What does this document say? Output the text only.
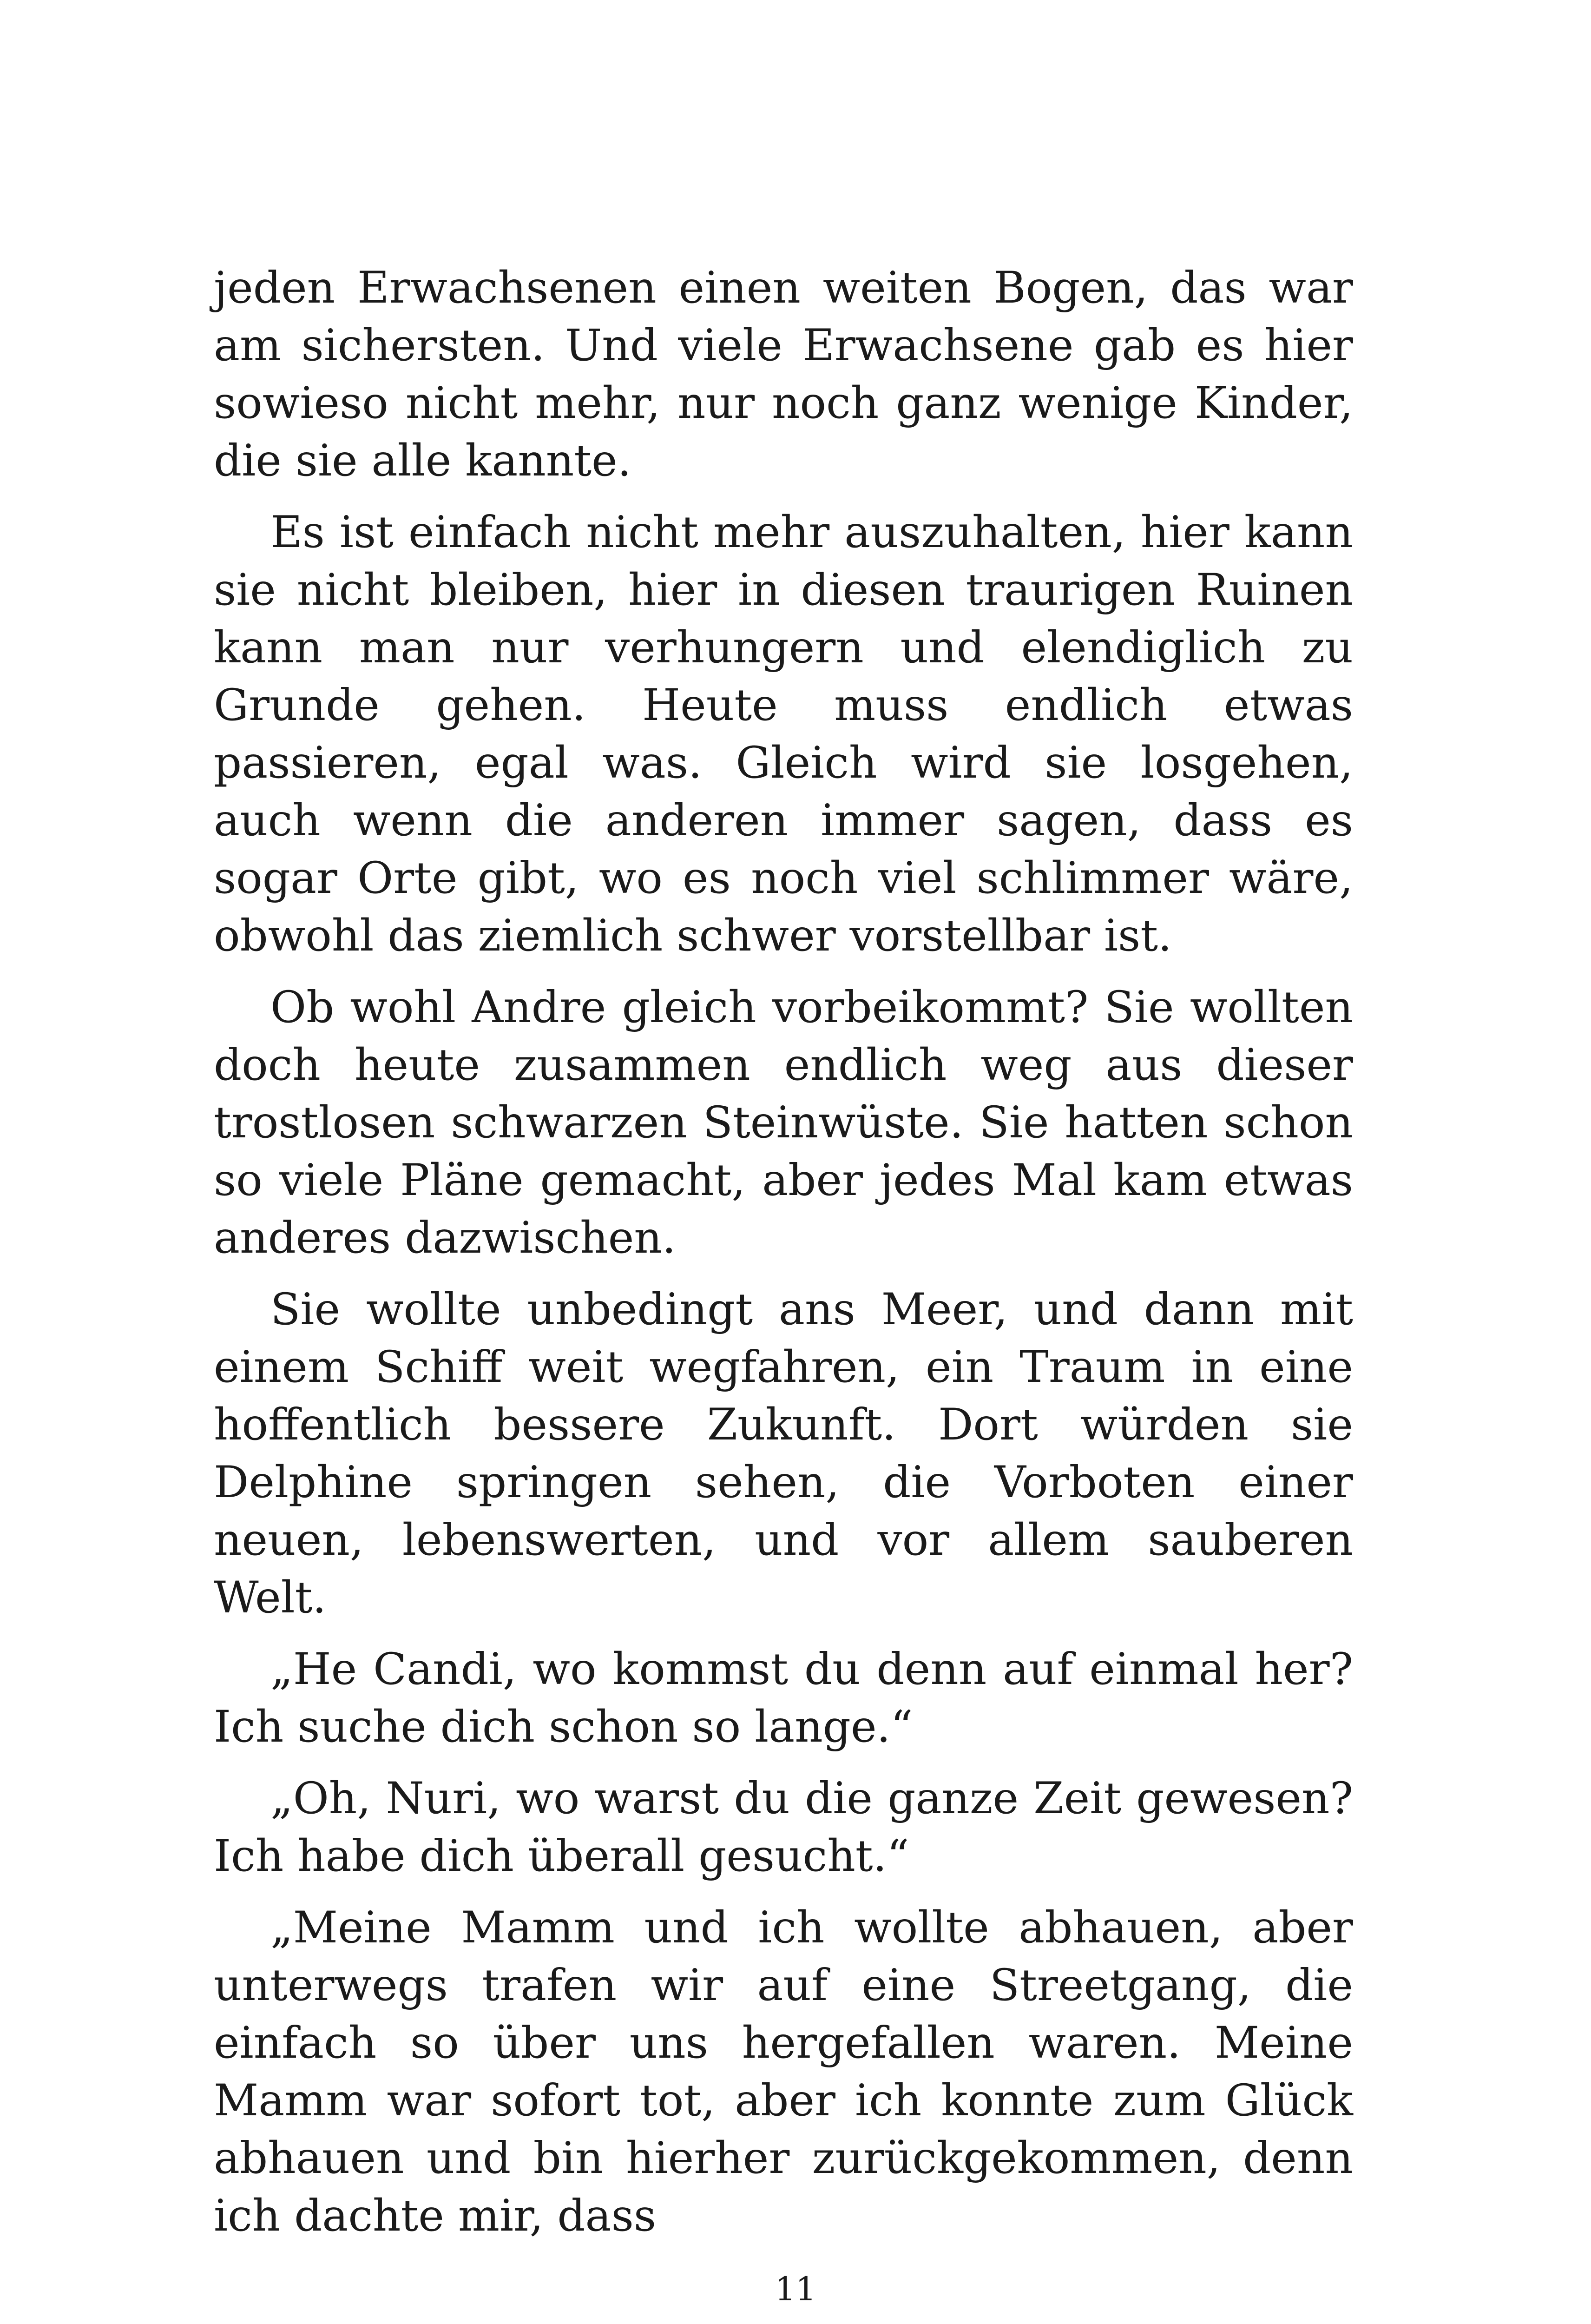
jeden Erwachsenen einen weiten Bogen, das war am sichersten. Und viele Erwachsene gab es hier sowieso nicht mehr, nur noch ganz wenige Kinder, die sie alle kannte.

Es ist einfach nicht mehr auszuhalten, hier kann sie nicht bleiben, hier in diesen traurigen Ruinen kann man nur verhungern und elendiglich zu Grunde gehen. Heute muss endlich etwas passieren, egal was. Gleich wird sie losgehen, auch wenn die anderen immer sagen, dass es sogar Orte gibt, wo es noch viel schlimmer wäre, obwohl das ziemlich schwer vorstellbar ist.

Ob wohl Andre gleich vorbeikommt? Sie wollten doch heute zusammen endlich weg aus dieser trostlosen schwarzen Steinwüste. Sie hatten schon so viele Pläne gemacht, aber jedes Mal kam etwas anderes dazwischen.

Sie wollte unbedingt ans Meer, und dann mit einem Schiff weit wegfahren, ein Traum in eine hoffentlich bessere Zukunft. Dort würden sie Delphine springen sehen, die Vorboten einer neuen, lebenswerten, und vor allem sauberen Welt.

„He Candi, wo kommst du denn auf einmal her? Ich suche dich schon so lange.“

„Oh, Nuri, wo warst du die ganze Zeit gewesen? Ich habe dich überall gesucht.“

„Meine Mamm und ich wollte abhauen, aber unterwegs trafen wir auf eine Streetgang, die einfach so über uns hergefallen waren. Meine Mamm war sofort tot, aber ich konnte zum Glück abhauen und bin hierher zurückgekommen, denn ich dachte mir, dass

11
